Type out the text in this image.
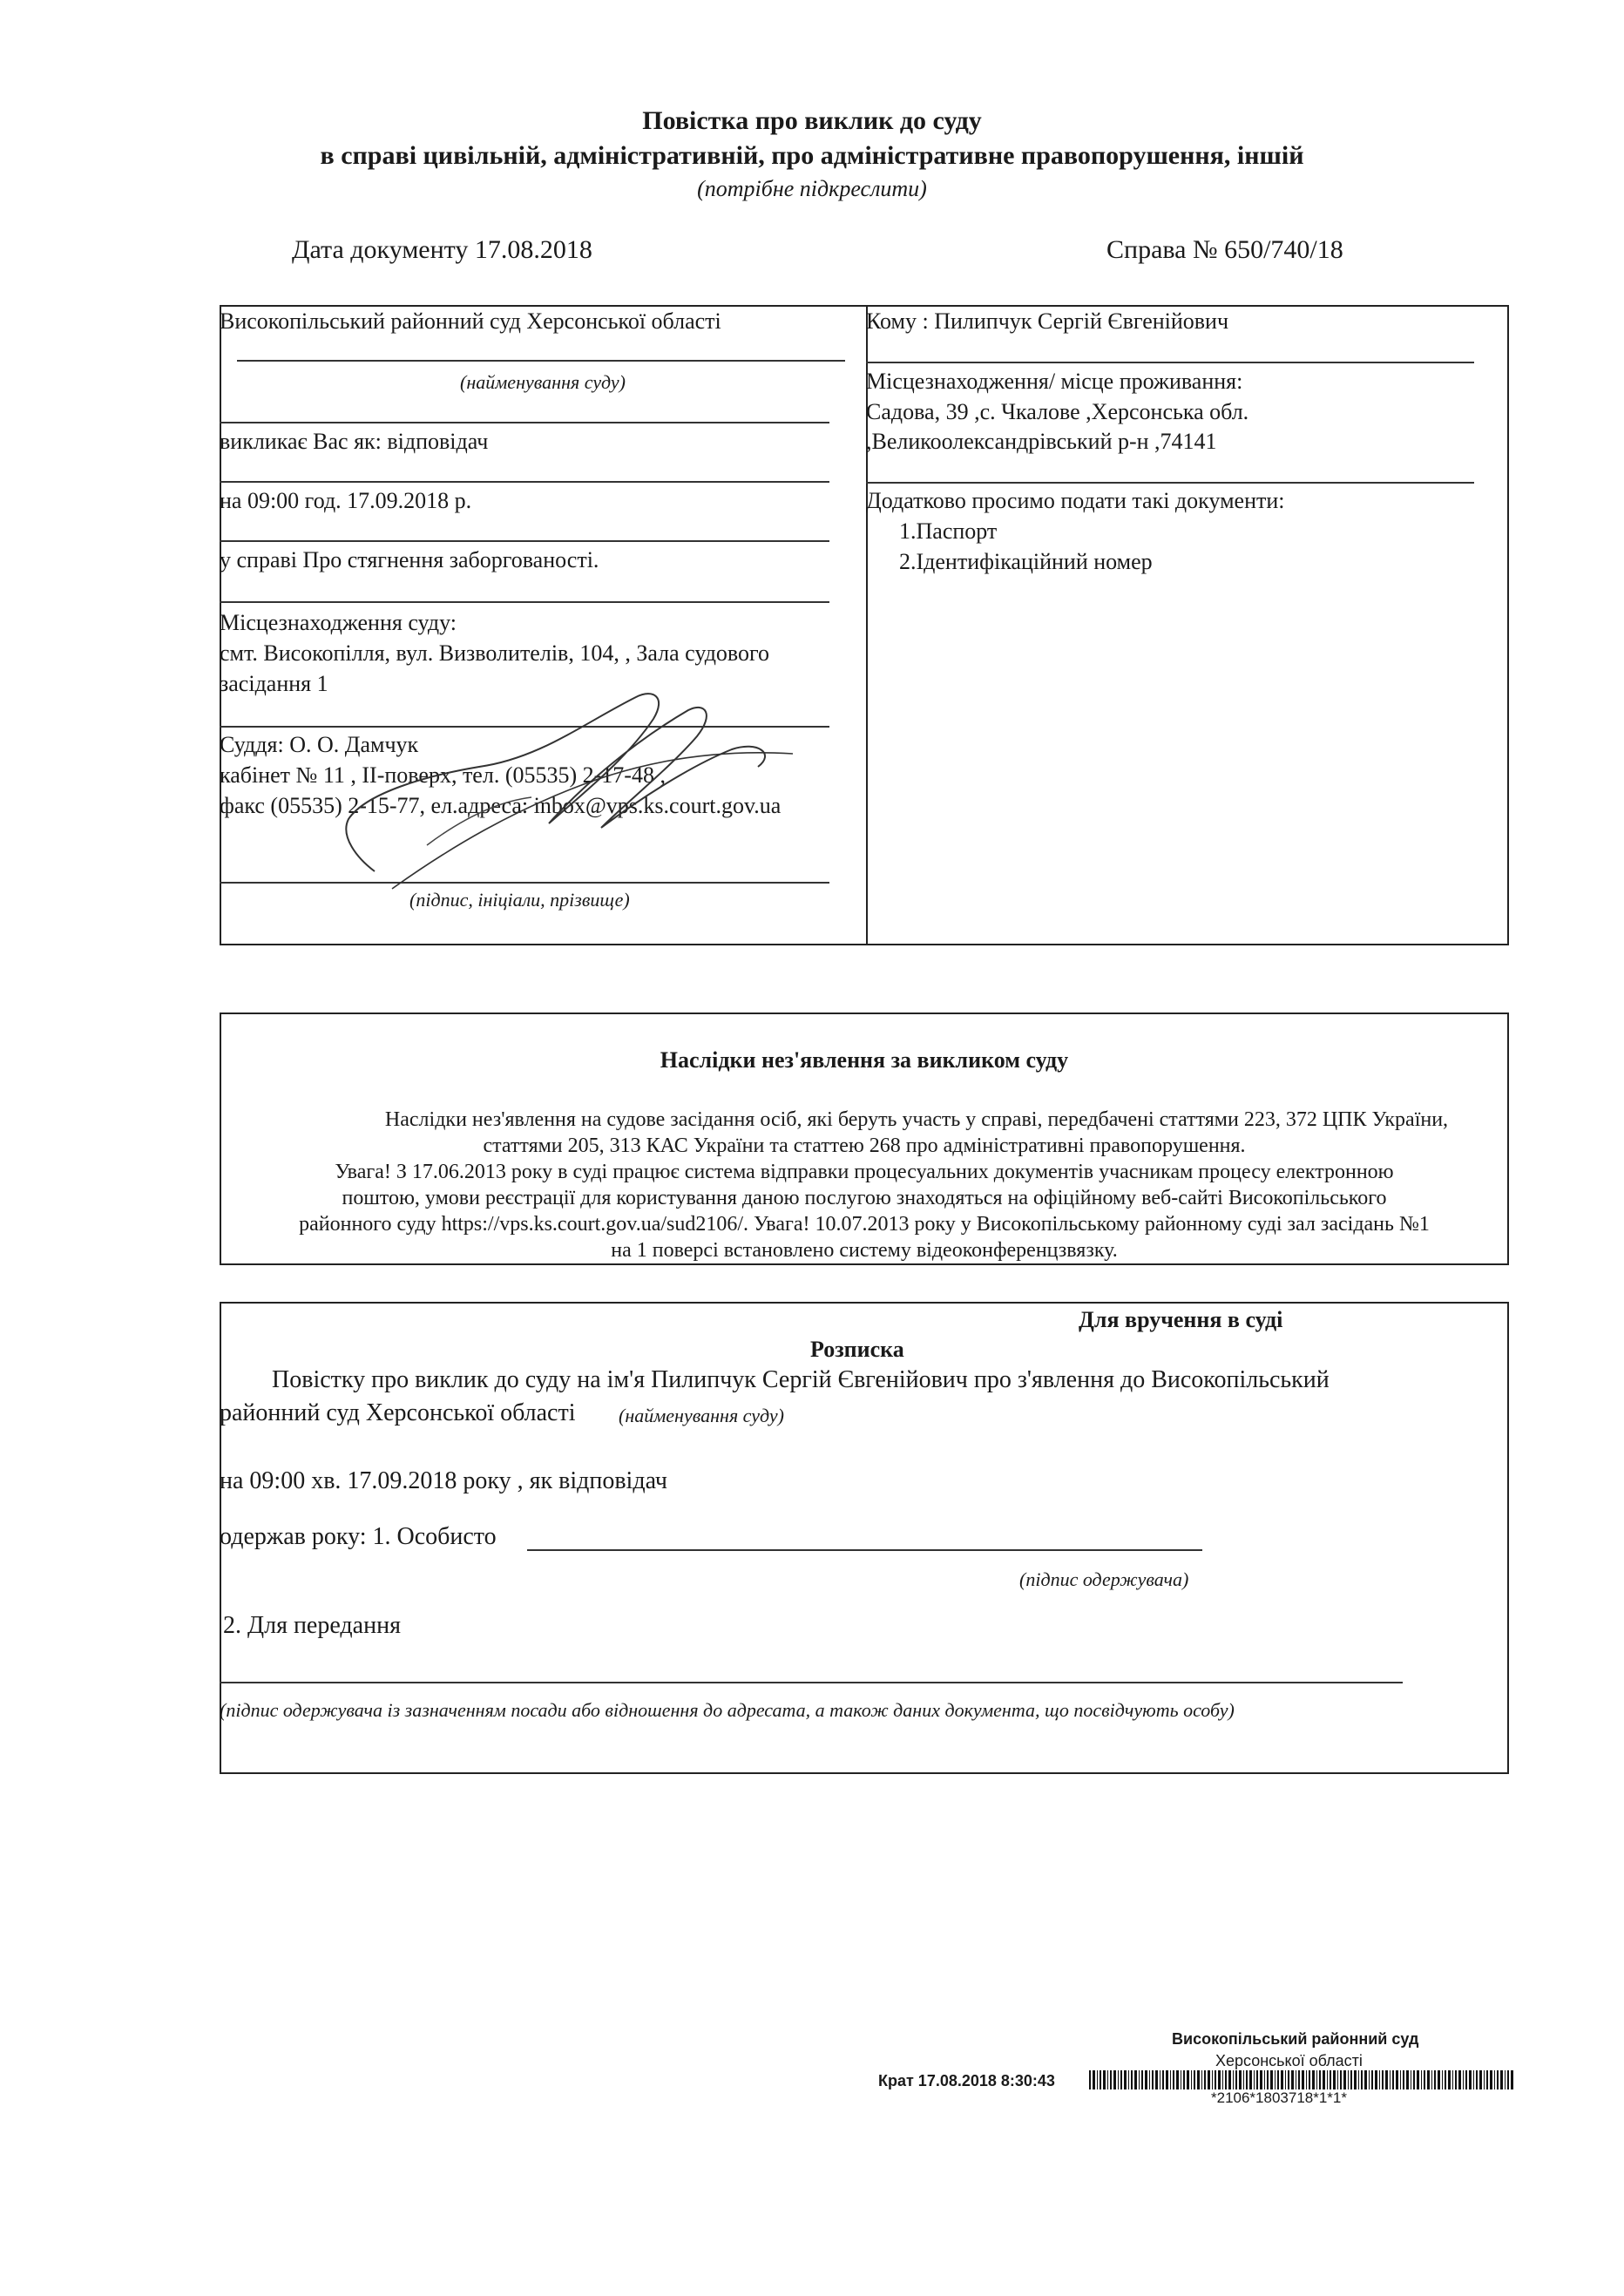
Повістка про виклик до суду
в справі цивільній, адміністративній, про адміністративне правопорушення, іншій
(потрібне підкреслити)
Дата документу 17.08.2018	Справа № 650/740/18
Високопільський районний суд Херсонської області
(найменування суду)
викликає Вас як: відповідач
на 09:00 год. 17.09.2018 р.
у справі Про стягнення заборгованості.
Місцезнаходження суду:
смт. Високопілля, вул. Визволителів, 104, , Зала судового
засідання 1
Суддя: О. О. Дамчук
кабінет № 11 , ІІ-поверх, тел. (05535) 2-17-48 ,
факс (05535) 2-15-77, ел.адреса: inbox@vps.ks.court.gov.ua
(підпис, ініціали, прізвище)
Кому : Пилипчук Сергій Євгенійович
Місцезнаходження/ місце проживання:
Садова, 39 ,с. Чкалове ,Херсонська обл.
,Великоолександрівський р-н ,74141
Додатково просимо подати такі документи:
1.Паспорт
2.Ідентифікаційний номер
Наслідки нез'явлення за викликом суду
Наслідки нез'явлення на судове засідання осіб, які беруть участь у справі, передбачені статтями 223, 372 ЦПК України,
статтями 205, 313 КАС України та статтею 268 про адміністративні правопорушення.
Увага! З 17.06.2013 року в суді працює система відправки процесуальних документів учасникам процесу електронною
поштою, умови реєстрації для користування даною послугою знаходяться на офіційному веб-сайті Високопільського
районного суду https://vps.ks.court.gov.ua/sud2106/. Увага! 10.07.2013 року у Високопільському районному суді зал засідань №1
на 1 поверсі встановлено систему відеоконференцзвязку.
Для вручення в суді
Розписка
Повістку про виклик до суду на ім'я Пилипчук Сергій Євгенійович про з'явлення до Високопільський
районний суд Херсонської області (найменування суду)
на 09:00 хв. 17.09.2018 року , як відповідач
одержав року: 1. Особисто
(підпис одержувача)
2. Для передання
(підпис одержувача із зазначенням посади або відношення до адресата, а також даних документа, що посвідчують особу)
Високопільський районний суд
Херсонської області
Крат 17.08.2018 8:30:43
*2106*1803718*1*1*
